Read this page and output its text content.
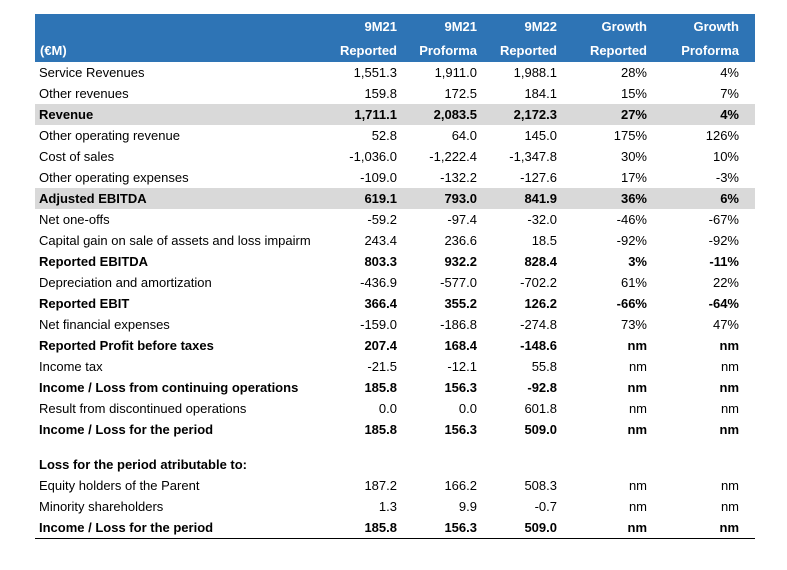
	9M21	9M21	9M22	Growth	Growth
(€M)	Reported	Proforma	Reported	Reported	Proforma
Service Revenues	1,551.3	1,911.0	1,988.1	28%	4%
Other revenues	159.8	172.5	184.1	15%	7%
Revenue	1,711.1	2,083.5	2,172.3	27%	4%
Other operating revenue	52.8	64.0	145.0	175%	126%
Cost of sales	-1,036.0	-1,222.4	-1,347.8	30%	10%
Other operating expenses	-109.0	-132.2	-127.6	17%	-3%
Adjusted EBITDA	619.1	793.0	841.9	36%	6%
Net one-offs	-59.2	-97.4	-32.0	-46%	-67%
Capital gain on sale of assets and loss impairm	243.4	236.6	18.5	-92%	-92%
Reported EBITDA	803.3	932.2	828.4	3%	-11%
Depreciation and amortization	-436.9	-577.0	-702.2	61%	22%
Reported EBIT	366.4	355.2	126.2	-66%	-64%
Net financial expenses	-159.0	-186.8	-274.8	73%	47%
Reported Profit before taxes	207.4	168.4	-148.6	nm	nm
Income tax	-21.5	-12.1	55.8	nm	nm
Income / Loss from continuing operations	185.8	156.3	-92.8	nm	nm
Result from discontinued operations	0.0	0.0	601.8	nm	nm
Income / Loss for the period	185.8	156.3	509.0	nm	nm

Loss for the period atributable to:					
Equity holders of the Parent	187.2	166.2	508.3	nm	nm
Minority shareholders	1.3	9.9	-0.7	nm	nm
Income / Loss for the period	185.8	156.3	509.0	nm	nm
